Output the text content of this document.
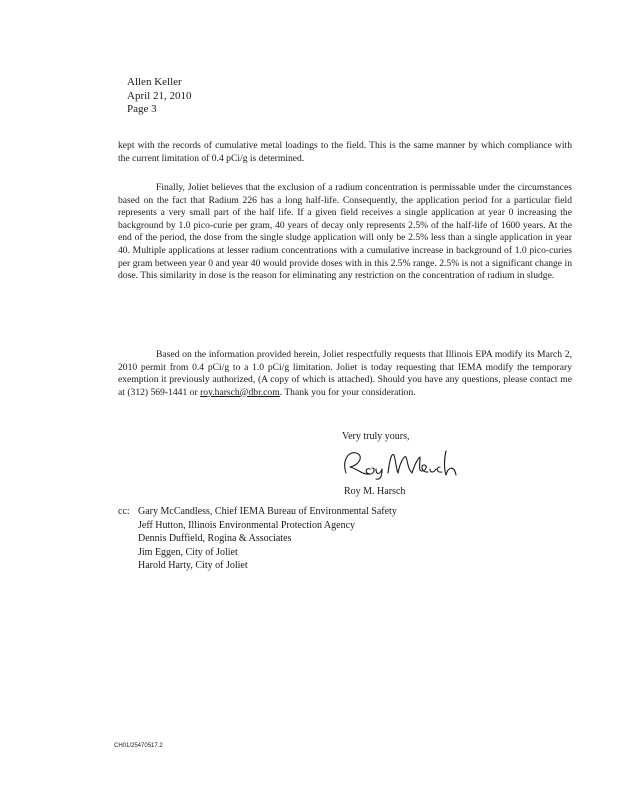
Allen Keller
April 21, 2010
Page 3

kept with the records of cumulative metal loadings to the field. This is the same manner by which compliance with the current limitation of 0.4 pCi/g is determined.

Finally, Joliet believes that the exclusion of a radium concentration is permissable under the circumstances based on the fact that Radium 226 has a long half-life. Consequently, the application period for a particular field represents a very small part of the half life. If a given field receives a single application at year 0 increasing the background by 1.0 pico-curie per gram, 40 years of decay only represents 2.5% of the half-life of 1600 years. At the end of the period, the dose from the single sludge application will only be 2.5% less than a single application in year 40. Multiple applications at lesser radium concentrations with a cumulative increase in background of 1.0 pico-curies per gram between year 0 and year 40 would provide doses with in this 2.5% range. 2.5% is not a significant change in dose. This similarity in dose is the reason for eliminating any restriction on the concentration of radium in sludge.

Based on the information provided herein, Joliet respectfully requests that Illinois EPA modify its March 2, 2010 permit from 0.4 pCi/g to a 1.0 pCi/g limitation. Joliet is today requesting that IEMA modify the temporary exemption it previously authorized, (A copy of which is attached). Should you have any questions, please contact me at (312) 569-1441 or roy.harsch@dbr.com. Thank you for your consideration.

Very truly yours,
Roy M. Harsch
cc: Gary McCandless, Chief IEMA Bureau of Environmental Safety
Jeff Hutton, Illinois Environmental Protection Agency
Dennis Duffield, Rogina & Associates
Jim Eggen, City of Joliet
Harold Harty, City of Joliet
CH01/25470517.2
